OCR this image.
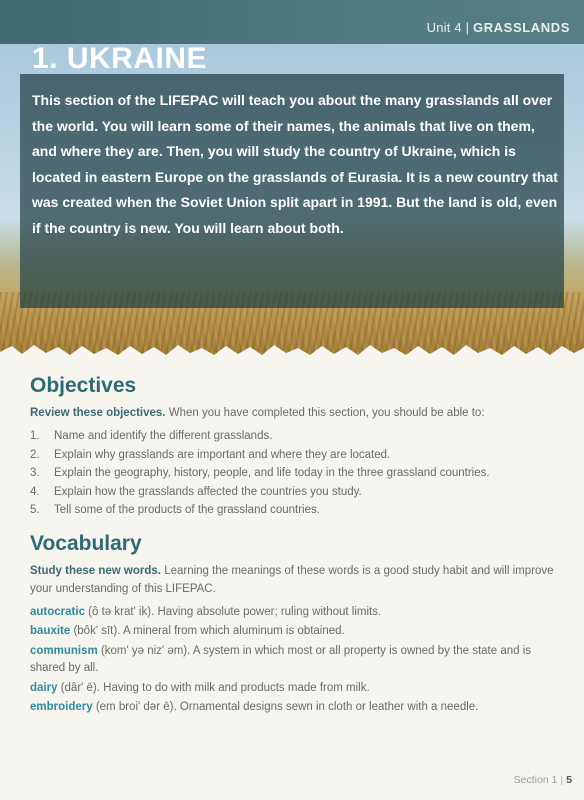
Unit 4 | GRASSLANDS
1. UKRAINE

This section of the LIFEPAC will teach you about the many grasslands all over the world. You will learn some of their names, the animals that live on them, and where they are. Then, you will study the country of Ukraine, which is located in eastern Europe on the grasslands of Eurasia. It is a new country that was created when the Soviet Union split apart in 1991. But the land is old, even if the country is new. You will learn about both.

Objectives

Review these objectives. When you have completed this section, you should be able to:

1. Name and identify the different grasslands.
2. Explain why grasslands are important and where they are located.
3. Explain the geography, history, people, and life today in the three grassland countries.
4. Explain how the grasslands affected the countries you study.
5. Tell some of the products of the grassland countries.
Vocabulary

Study these new words. Learning the meanings of these words is a good study habit and will improve your understanding of this LIFEPAC.

autocratic (ô tə krat' ik). Having absolute power; ruling without limits.

bauxite (bôk' sīt). A mineral from which aluminum is obtained.

communism (kom' yə niz' əm). A system in which most or all property is owned by the state and is shared by all.

dairy (dâr' ē). Having to do with milk and products made from milk.

embroidery (em broi' dər ē). Ornamental designs sewn in cloth or leather with a needle.

Section 1 | 5
